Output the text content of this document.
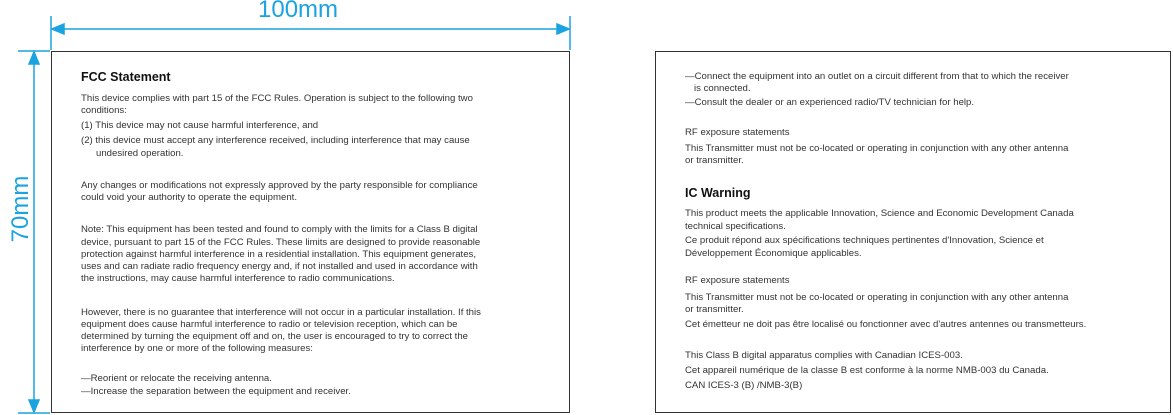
100mm
70mm
FCC Statement
This device complies with part 15 of the FCC Rules. Operation is subject to the following two
conditions:
(1) This device may not cause harmful interference, and
(2) this device must accept any interference received, including interference that may cause
undesired operation.
Any changes or modifications not expressly approved by the party responsible for compliance
could void your authority to operate the equipment.
Note: This equipment has been tested and found to comply with the limits for a Class B digital
device, pursuant to part 15 of the FCC Rules. These limits are designed to provide reasonable
protection against harmful interference in a residential installation. This equipment generates,
uses and can radiate radio frequency energy and, if not installed and used in accordance with
the instructions, may cause harmful interference to radio communications.
However, there is no guarantee that interference will not occur in a particular installation. If this
equipment does cause harmful interference to radio or television reception, which can be
determined by turning the equipment off and on, the user is encouraged to try to correct the
interference by one or more of the following measures:
—Reorient or relocate the receiving antenna.
—Increase the separation between the equipment and receiver.
—Connect the equipment into an outlet on a circuit different from that to which the receiver
is connected.
—Consult the dealer or an experienced radio/TV technician for help.
RF exposure statements
This Transmitter must not be co-located or operating in conjunction with any other antenna
or transmitter.
IC Warning
This product meets the applicable Innovation, Science and Economic Development Canada
technical specifications.
Ce produit répond aux spécifications techniques pertinentes d'Innovation, Science et
Développement Économique applicables.
RF exposure statements
This Transmitter must not be co-located or operating in conjunction with any other antenna
or transmitter.
Cet émetteur ne doit pas être localisé ou fonctionner avec d'autres antennes ou transmetteurs.
This Class B digital apparatus complies with Canadian ICES-003.
Cet appareil numérique de la classe B est conforme à la norme NMB-003 du Canada.
CAN ICES-3 (B) /NMB-3(B)
